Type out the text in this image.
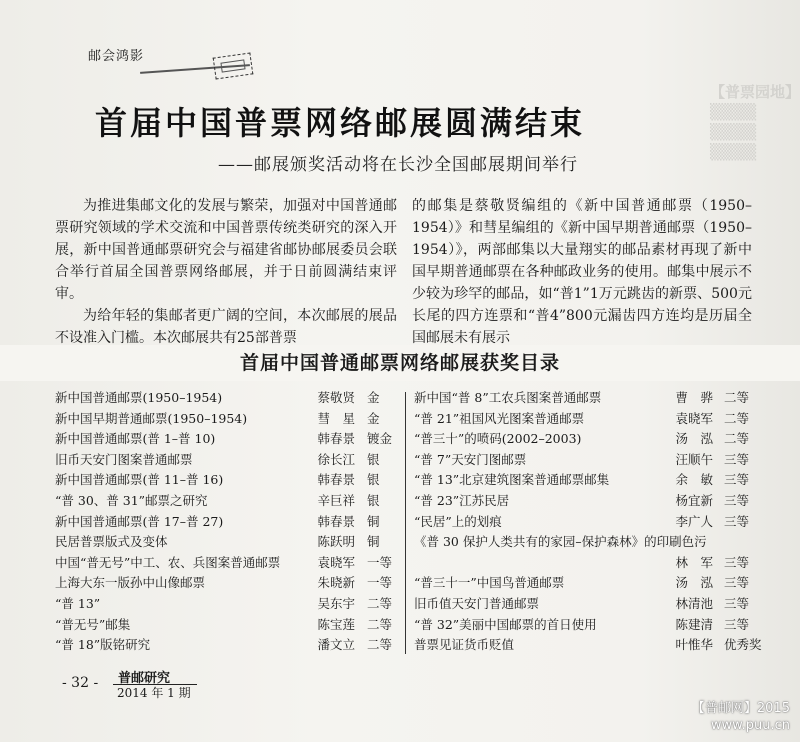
【普票园地】
▒▒▒▒
▒▒▒▒
▒▒▒▒
邮会鸿影
首届中国普票网络邮展圆满结束
——邮展颁奖活动将在长沙全国邮展期间举行

为推进集邮文化的发展与繁荣，加强对中国普通邮票研究领域的学术交流和中国普票传统类研究的深入开展，新中国普通邮票研究会与福建省邮协邮展委员会联合举行首届全国普票网络邮展，并于日前圆满结束评审。

为给年轻的集邮者更广阔的空间，本次邮展的展品不设准入门槛。本次邮展共有25部普票

的邮集是蔡敬贤编组的《新中国普通邮票（1950–1954）》和彗星编组的《新中国早期普通邮票（1950–1954）》，两部邮集以大量翔实的邮品素材再现了新中国早期普通邮票在各种邮政业务的使用。邮集中展示不少较为珍罕的邮品，如“普1”1万元跳齿的新票、500元长尾的四方连票和“普4”800元漏齿四方连均是历届全国邮展未有展示

首届中国普通邮票网络邮展获奖目录
新中国普通邮票(1950–1954)	蔡敬贤 金
新中国早期普通邮票(1950–1954)	彗　星 金
新中国普通邮票(普 1–普 10)	韩春景 镀金
旧币天安门图案普通邮票	徐长江 银
新中国普通邮票(普 11–普 16)	韩春景 银
“普 30、普 31”邮票之研究	辛巨祥 银
新中国普通邮票(普 17–普 27)	韩春景 铜
民居普票版式及变体	陈跃明 铜
中国“普无号”中工、农、兵图案普通邮票	袁晓军 一等
上海大东一版孙中山像邮票	朱晓新 一等
“普 13”	吴东宇 二等
“普无号”邮集	陈宝莲 二等
“普 18”版铭研究	潘文立 二等
新中国“普 8”工农兵图案普通邮票	曹　骅 二等
“普 21”祖国风光图案普通邮票	袁晓军 二等
“普三十”的喷码(2002–2003)	汤　泓 二等
“普 7”天安门图邮票	汪顺午 三等
“普 13”北京建筑图案普通邮票邮集	余　敏 三等
“普 23”江苏民居	杨宜新 三等
“民居”上的划痕	李广人 三等
《普 30 保护人类共有的家园–保护森林》的印刷色污
林　军 三等
“普三十一”中国鸟普通邮票	汤　泓 三等
旧币值天安门普通邮票	林清池 三等
“普 32”美丽中国邮票的首日使用	陈建清 三等
普票见证货币贬值	叶惟华 优秀奖
- 32 - 普邮研究
2014 年 1 期
【普邮网】2015
www.puu.cn
